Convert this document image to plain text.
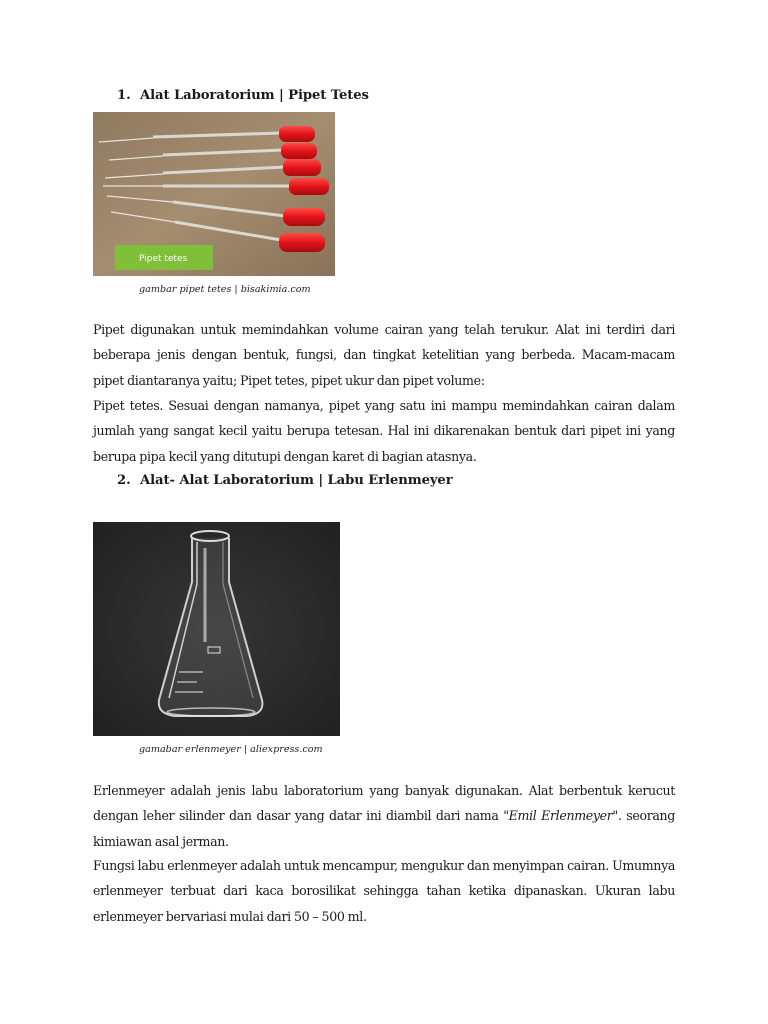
1. Alat Laboratorium | Pipet Tetes
Pipet tetes

gambar pipet tetes | bisakimia.com

Pipet digunakan untuk memindahkan volume cairan yang telah terukur. Alat ini terdiri dari beberapa jenis dengan bentuk, fungsi, dan tingkat ketelitian yang berbeda. Macam-macam pipet diantaranya yaitu; Pipet tetes, pipet ukur dan pipet volume:

Pipet tetes. Sesuai dengan namanya, pipet yang satu ini mampu memindahkan cairan dalam jumlah yang sangat kecil yaitu berupa tetesan. Hal ini dikarenakan bentuk dari pipet ini yang berupa pipa kecil yang ditutupi dengan karet di bagian atasnya.

2. Alat- Alat Laboratorium | Labu Erlenmeyer

gamabar erlenmeyer | aliexpress.com

Erlenmeyer adalah jenis labu laboratorium yang banyak digunakan. Alat berbentuk kerucut dengan leher silinder dan dasar yang datar ini diambil dari nama "Emil Erlenmeyer". seorang kimiawan asal jerman.

Fungsi labu erlenmeyer adalah untuk mencampur, mengukur dan menyimpan cairan. Umumnya erlenmeyer terbuat dari kaca borosilikat sehingga tahan ketika dipanaskan. Ukuran labu erlenmeyer bervariasi mulai dari 50 – 500 ml.
